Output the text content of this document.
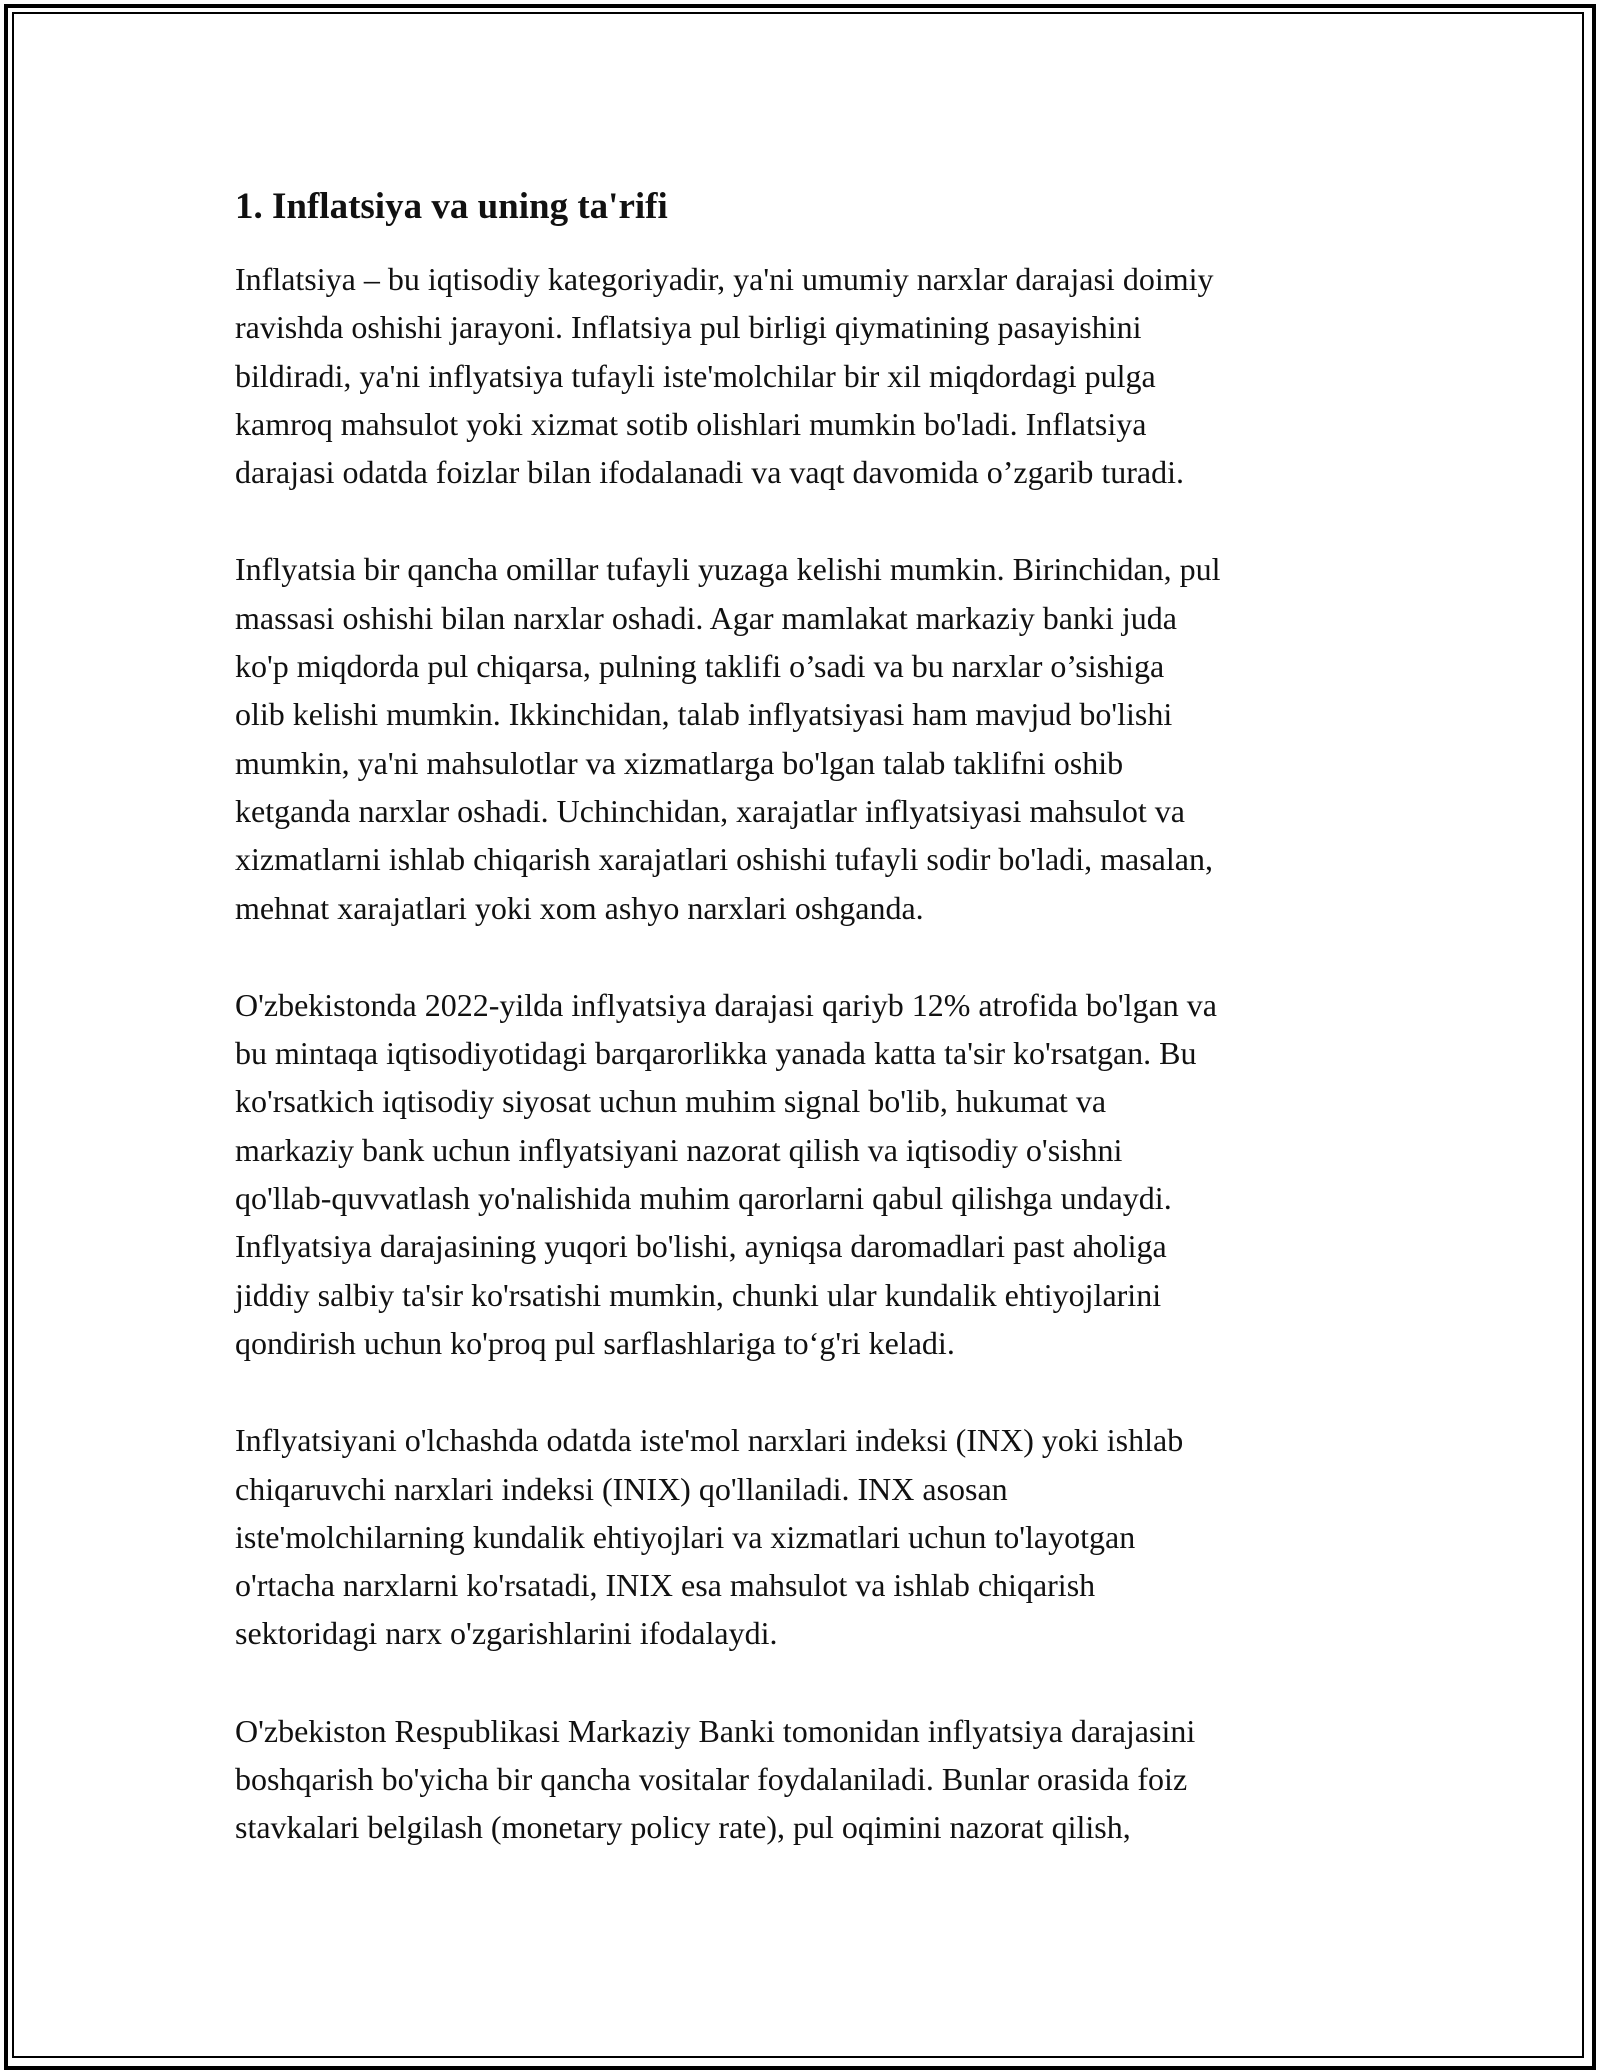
1. Inflatsiya va uning ta'rifi

Inflatsiya – bu iqtisodiy kategoriyadir, ya'ni umumiy narxlar darajasi doimiy
ravishda oshishi jarayoni. Inflatsiya pul birligi qiymatining pasayishini
bildiradi, ya'ni inflyatsiya tufayli iste'molchilar bir xil miqdordagi pulga
kamroq mahsulot yoki xizmat sotib olishlari mumkin bo'ladi. Inflatsiya
darajasi odatda foizlar bilan ifodalanadi va vaqt davomida o’zgarib turadi.

Inflyatsia bir qancha omillar tufayli yuzaga kelishi mumkin. Birinchidan, pul
massasi oshishi bilan narxlar oshadi. Agar mamlakat markaziy banki juda
ko'p miqdorda pul chiqarsa, pulning taklifi o’sadi va bu narxlar o’sishiga
olib kelishi mumkin. Ikkinchidan, talab inflyatsiyasi ham mavjud bo'lishi
mumkin, ya'ni mahsulotlar va xizmatlarga bo'lgan talab taklifni oshib
ketganda narxlar oshadi. Uchinchidan, xarajatlar inflyatsiyasi mahsulot va
xizmatlarni ishlab chiqarish xarajatlari oshishi tufayli sodir bo'ladi, masalan,
mehnat xarajatlari yoki xom ashyo narxlari oshganda.

O'zbekistonda 2022-yilda inflyatsiya darajasi qariyb 12% atrofida bo'lgan va
bu mintaqa iqtisodiyotidagi barqarorlikka yanada katta ta'sir ko'rsatgan. Bu
ko'rsatkich iqtisodiy siyosat uchun muhim signal bo'lib, hukumat va
markaziy bank uchun inflyatsiyani nazorat qilish va iqtisodiy o'sishni
qo'llab-quvvatlash yo'nalishida muhim qarorlarni qabul qilishga undaydi.
Inflyatsiya darajasining yuqori bo'lishi, ayniqsa daromadlari past aholiga
jiddiy salbiy ta'sir ko'rsatishi mumkin, chunki ular kundalik ehtiyojlarini
qondirish uchun ko'proq pul sarflashlariga to‘g'ri keladi.

Inflyatsiyani o'lchashda odatda iste'mol narxlari indeksi (INX) yoki ishlab
chiqaruvchi narxlari indeksi (INIX) qo'llaniladi. INX asosan
iste'molchilarning kundalik ehtiyojlari va xizmatlari uchun to'layotgan
o'rtacha narxlarni ko'rsatadi, INIX esa mahsulot va ishlab chiqarish
sektoridagi narx o'zgarishlarini ifodalaydi.

O'zbekiston Respublikasi Markaziy Banki tomonidan inflyatsiya darajasini
boshqarish bo'yicha bir qancha vositalar foydalaniladi. Bunlar orasida foiz
stavkalari belgilash (monetary policy rate), pul oqimini nazorat qilish,
